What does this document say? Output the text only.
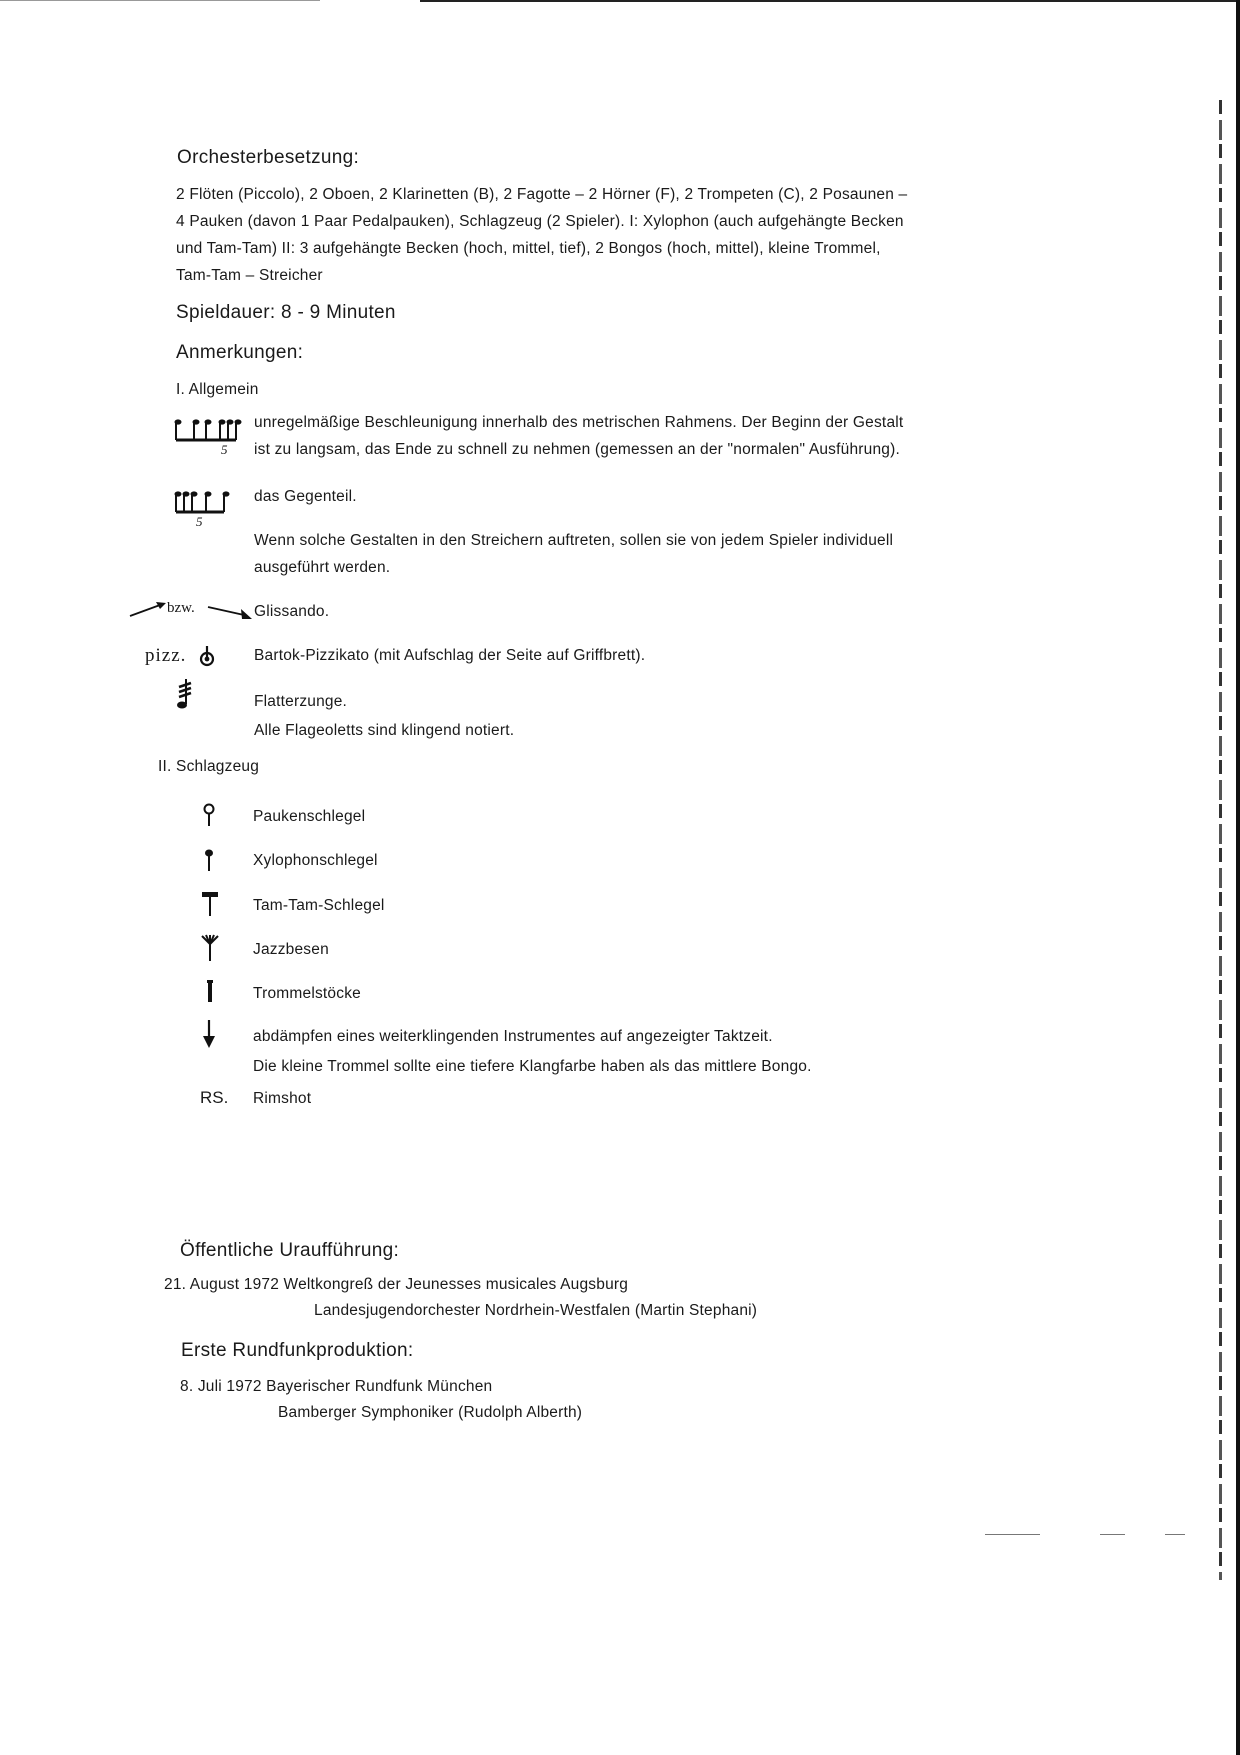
Orchesterbesetzung:
2 Flöten (Piccolo), 2 Oboen, 2 Klarinetten (B), 2 Fagotte – 2 Hörner (F), 2 Trompeten (C), 2 Posaunen –
4 Pauken (davon 1 Paar Pedalpauken), Schlagzeug (2 Spieler). I: Xylophon (auch aufgehängte Becken
und Tam-Tam) II: 3 aufgehängte Becken (hoch, mittel, tief), 2 Bongos (hoch, mittel), kleine Trommel,
Tam-Tam – Streicher
Spieldauer: 8 - 9 Minuten
Anmerkungen:
I. Allgemein
5
unregelmäßige Beschleunigung innerhalb des metrischen Rahmens. Der Beginn der Gestalt
ist zu langsam, das Ende zu schnell zu nehmen (gemessen an der "normalen" Ausführung).
5
das Gegenteil.
Wenn solche Gestalten in den Streichern auftreten, sollen sie von jedem Spieler individuell
ausgeführt werden.
bzw.	Glissando.
pizz.	Bartok-Pizzikato (mit Aufschlag der Seite auf Griffbrett).
Flatterzunge.
Alle Flageoletts sind klingend notiert.
II. Schlagzeug
Paukenschlegel
Xylophonschlegel
Tam-Tam-Schlegel
Jazzbesen
Trommelstöcke
abdämpfen eines weiterklingenden Instrumentes auf angezeigter Taktzeit.
Die kleine Trommel sollte eine tiefere Klangfarbe haben als das mittlere Bongo.
RS. Rimshot
Öffentliche Uraufführung:
21. August 1972 Weltkongreß der Jeunesses musicales Augsburg
Landesjugendorchester Nordrhein-Westfalen (Martin Stephani)
Erste Rundfunkproduktion:
8. Juli 1972 Bayerischer Rundfunk München
Bamberger Symphoniker (Rudolph Alberth)
